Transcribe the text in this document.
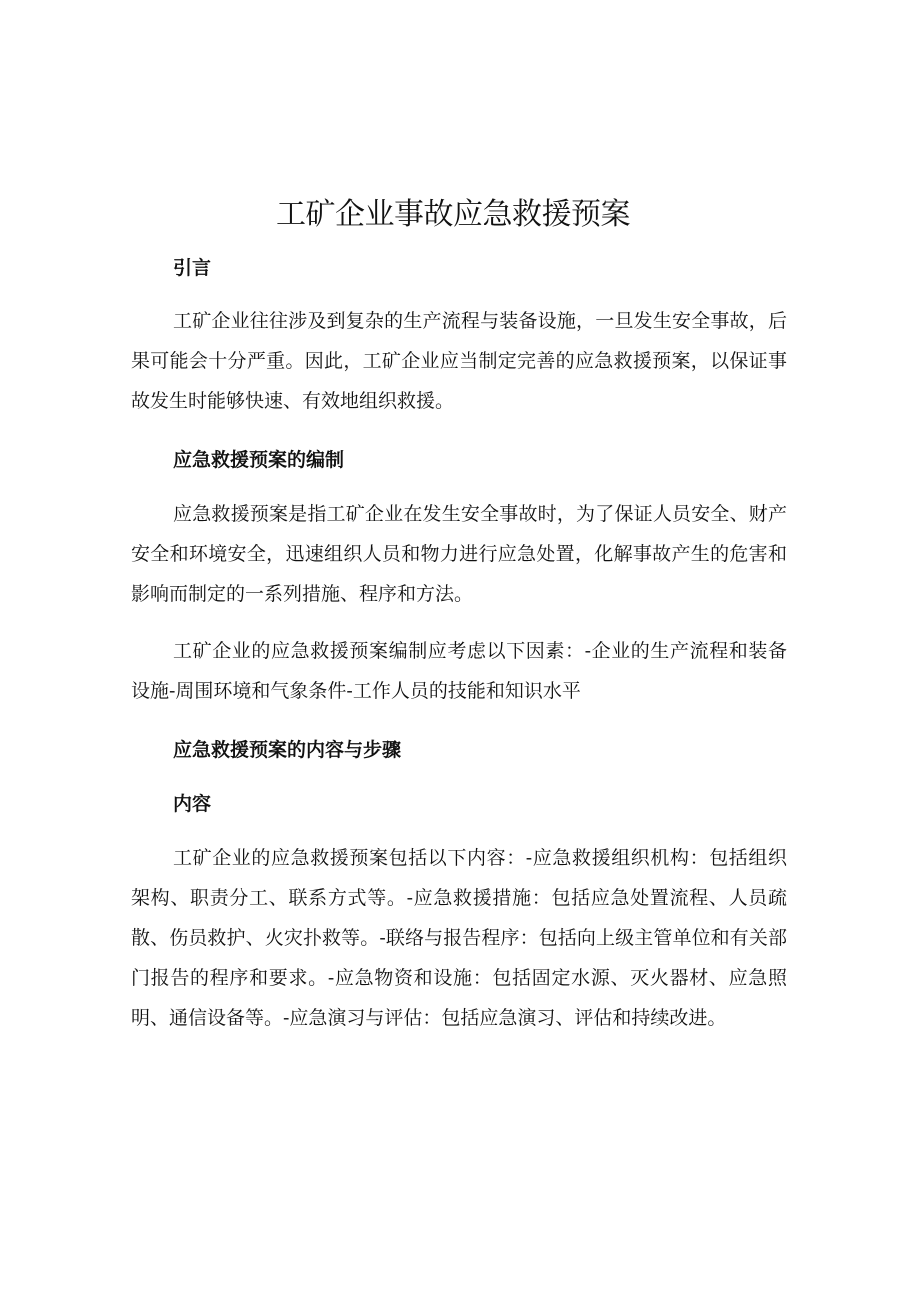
工矿企业事故应急救援预案
引言

工矿企业往往涉及到复杂的生产流程与装备设施，一旦发生安全事故，后果可能会十分严重。因此，工矿企业应当制定完善的应急救援预案，以保证事故发生时能够快速、有效地组织救援。

应急救援预案的编制

应急救援预案是指工矿企业在发生安全事故时，为了保证人员安全、财产安全和环境安全，迅速组织人员和物力进行应急处置，化解事故产生的危害和影响而制定的一系列措施、程序和方法。

工矿企业的应急救援预案编制应考虑以下因素：-企业的生产流程和装备设施-周围环境和气象条件-工作人员的技能和知识水平

应急救援预案的内容与步骤
内容

工矿企业的应急救援预案包括以下内容：-应急救援组织机构：包括组织架构、职责分工、联系方式等。-应急救援措施：包括应急处置流程、人员疏散、伤员救护、火灾扑救等。-联络与报告程序：包括向上级主管单位和有关部门报告的程序和要求。-应急物资和设施：包括固定水源、灭火器材、应急照明、通信设备等。-应急演习与评估：包括应急演习、评估和持续改进。
